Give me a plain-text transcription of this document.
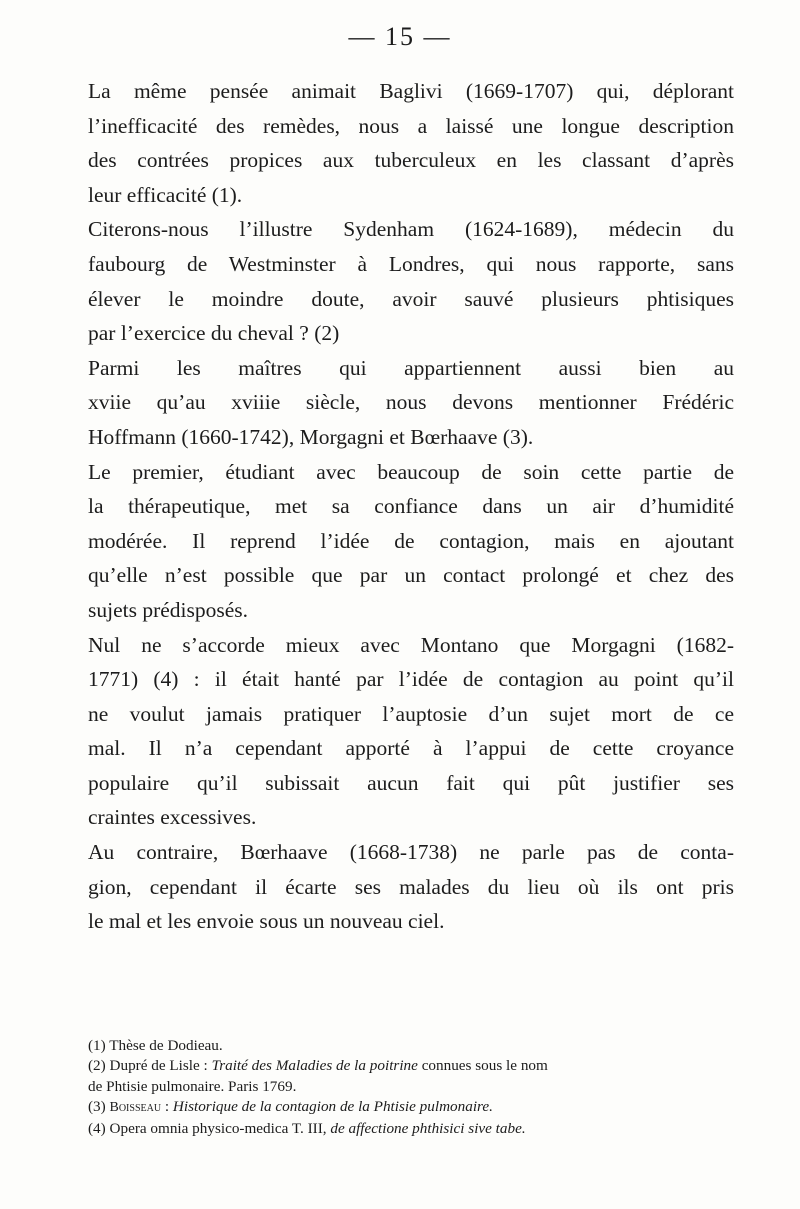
— 15 —

La même pensée animait Baglivi (1669-1707) qui, déplorant
l’inefficacité des remèdes, nous a laissé une longue description
des contrées propices aux tuberculeux en les classant d’après
leur efficacité (1).

Citerons-nous l’illustre Sydenham (1624-1689), médecin du
faubourg de Westminster à Londres, qui nous rapporte, sans
élever le moindre doute, avoir sauvé plusieurs phtisiques
par l’exercice du cheval ? (2)

Parmi les maîtres qui appartiennent aussi bien au
xviie qu’au xviiie siècle, nous devons mentionner Frédéric
Hoffmann (1660-1742), Morgagni et Bœrhaave (3).

Le premier, étudiant avec beaucoup de soin cette partie de
la thérapeutique, met sa confiance dans un air d’humidité
modérée. Il reprend l’idée de contagion, mais en ajoutant
qu’elle n’est possible que par un contact prolongé et chez des
sujets prédisposés.

Nul ne s’accorde mieux avec Montano que Morgagni (1682-
1771) (4) : il était hanté par l’idée de contagion au point qu’il
ne voulut jamais pratiquer l’auptosie d’un sujet mort de ce
mal. Il n’a cependant apporté à l’appui de cette croyance
populaire qu’il subissait aucun fait qui pût justifier ses
craintes excessives.

Au contraire, Bœrhaave (1668-1738) ne parle pas de conta-
gion, cependant il écarte ses malades du lieu où ils ont pris
le mal et les envoie sous un nouveau ciel.

(1) Thèse de Dodieau.
(2) Dupré de Lisle : Traité des Maladies de la poitrine connues sous le nom
de Phtisie pulmonaire. Paris 1769.
(3) Boisseau : Historique de la contagion de la Phtisie pulmonaire.
(4) Opera omnia physico-medica T. III, de affectione phthisici sive tabe.
